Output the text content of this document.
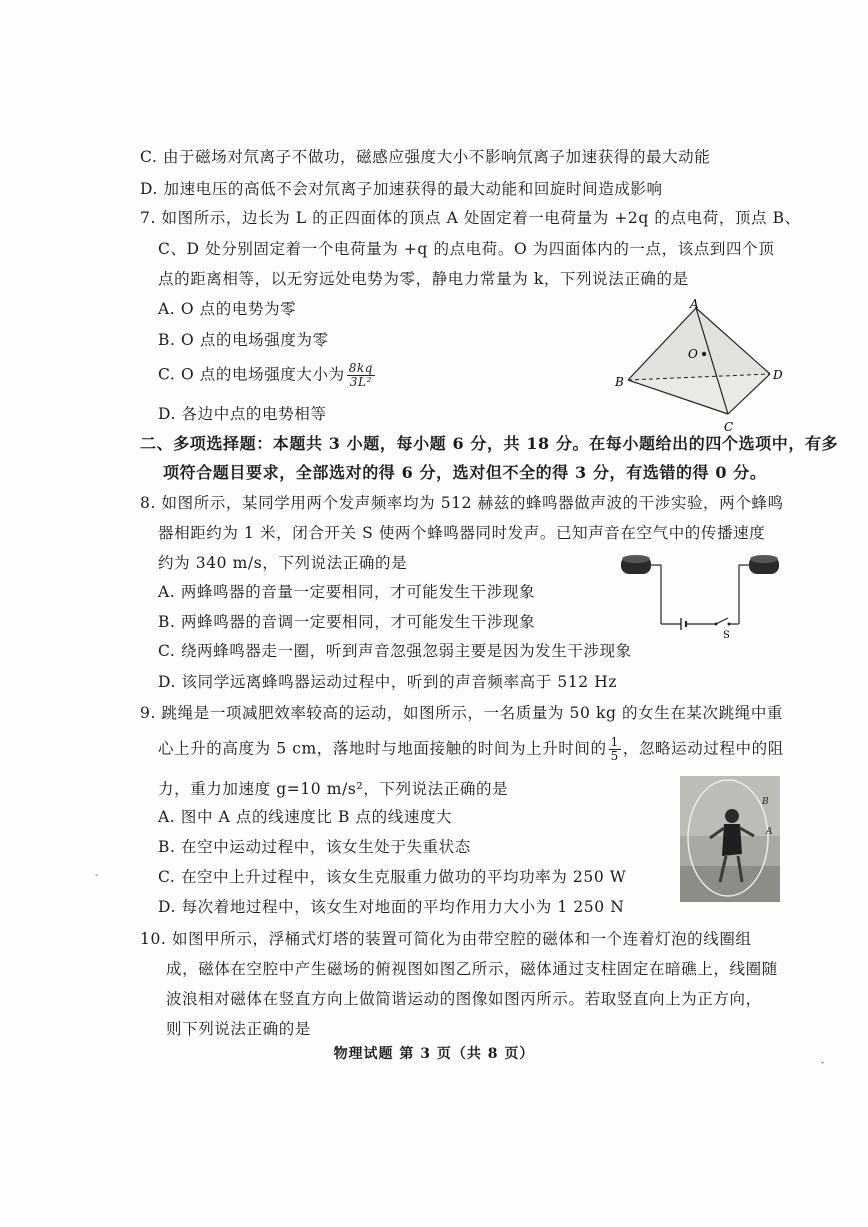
C. 由于磁场对氘离子不做功，磁感应强度大小不影响氘离子加速获得的最大动能
D. 加速电压的高低不会对氘离子加速获得的最大动能和回旋时间造成影响
7. 如图所示，边长为 L 的正四面体的顶点 A 处固定着一电荷量为 +2q 的点电荷，顶点 B、
C、D 处分别固定着一个电荷量为 +q 的点电荷。O 为四面体内的一点，该点到四个顶
点的距离相等，以无穷远处电势为零，静电力常量为 k，下列说法正确的是
A. O 点的电势为零
B. O 点的电场强度为零
C. O 点的电场强度大小为 $\frac{8kq}{\text{3L²}}$
D. 各边中点的电势相等
二、多项选择题：本题共 3 小题，每小题 6 分，共 18 分。在每小题给出的四个选项中，有多
项符合题目要求，全部选对的得 6 分，选对但不全的得 3 分，有选错的得 0 分。
8. 如图所示，某同学用两个发声频率均为 512 赫兹的蜂鸣器做声波的干涉实验，两个蜂鸣
器相距约为 1 米，闭合开关 S 使两个蜂鸣器同时发声。已知声音在空气中的传播速度
约为 340 m/s，下列说法正确的是
A. 两蜂鸣器的音量一定要相同，才可能发生干涉现象
B. 两蜂鸣器的音调一定要相同，才可能发生干涉现象
C. 绕两蜂鸣器走一圈，听到声音忽强忽弱主要是因为发生干涉现象
D. 该同学远离蜂鸣器运动过程中，听到的声音频率高于 512 Hz
9. 跳绳是一项减肥效率较高的运动，如图所示，一名质量为 50 kg 的女生在某次跳绳中重
心上升的高度为 5 cm，落地时与地面接触的时间为上升时间的 $\frac{1}{5}$ ，忽略运动过程中的阻
力，重力加速度 g=10 m/s²，下列说法正确的是
A. 图中 A 点的线速度比 B 点的线速度大
B. 在空中运动过程中，该女生处于失重状态
C. 在空中上升过程中，该女生克服重力做功的平均功率为 250 W
D. 每次着地过程中，该女生对地面的平均作用力大小为 1 250 N
10. 如图甲所示，浮桶式灯塔的装置可简化为由带空腔的磁体和一个连着灯泡的线圈组
成，磁体在空腔中产生磁场的俯视图如图乙所示，磁体通过支柱固定在暗礁上，线圈随
波浪相对磁体在竖直方向上做简谐运动的图像如图丙所示。若取竖直向上为正方向，
则下列说法正确的是
A
B
C
D
O
S
B
A
物理试题 第 3 页（共 8 页）
ˇ
-
